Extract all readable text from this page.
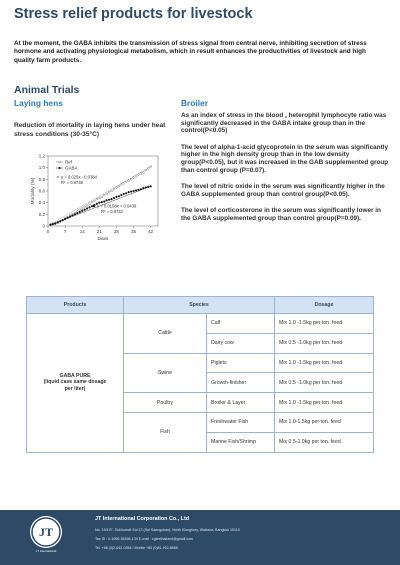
Stress relief products for livestock

At the moment, the GABA inhibits the transmission of stress signal from central nerve, inhibiting secretion of stress hormone and activating physiological metabolism, which in result enhances the productivities of livestock and high quality farm products.

Animal Trials
Laying hens

Reduction of mortality in laying hens under heat stress conditions (30-35°C)

Broiler

As an index of stress in the blood , heterophil lymphocyte ratio was significantly decreased in the GABA intake group than in the control(P<0.05)

The level of alpha-1-acid glycoprotein in the serum was significantly higher in the high density group than in the low density group(P<0.05), but it was increased in the GAB supplemented group than control group (P=0.07).

The level of nitric oxide in the serum was significantly higher in the GABA supplemented group than control group(P<0.05).

The level of corticosterone in the serum was significantly lower in the GABA supplemented group than control group(P=0.09).

0	7	14	21	28	35	42
0
0.2
0.4
0.6
0.8
1.0
1.2
Days
Mortality (%)
Ref
GABA
y = 0.025x - 0.0384
R² = 0.9748
y = 0.0158x + 0.0439
R² = 0.9722
Products	Species		Dosage
GABA PURE
(liquid case same dosage
per liter)	Cattle	Calf	Mix 1.0 -1.5kg per ton. feed
		Dairy cow	Mix 0.5 -1.0kg per ton. feed
	Swine	Piglets	Mix 1.0 -1.5kg per ton. feed
		Growth-finisher	Mix 0.5 -1.0kg per ton. feed
	Poultry	Broiler & Layer	Mix 1.0 -1.5kg per ton. feed
	Fish	Freshwater Fish	Mix 1.0-1.5kg per ton. feed
		Marine Fish/Shrimp	Mix 0.5-1.0kg per ton. feed
JT

JT International

JT International Corporation Co., Ltd

No. 19/197, Sukhumvit Soi 13 (Soi Saengchan), North Klongtoey, Wattana, Bangkok 10110

Tax ID : 0-1055-56166-134 E-mail : cgleethailand@gmail.com

Tel. +66 (0)2-042-0354 / Mobile +66 (0)81-922-8666
